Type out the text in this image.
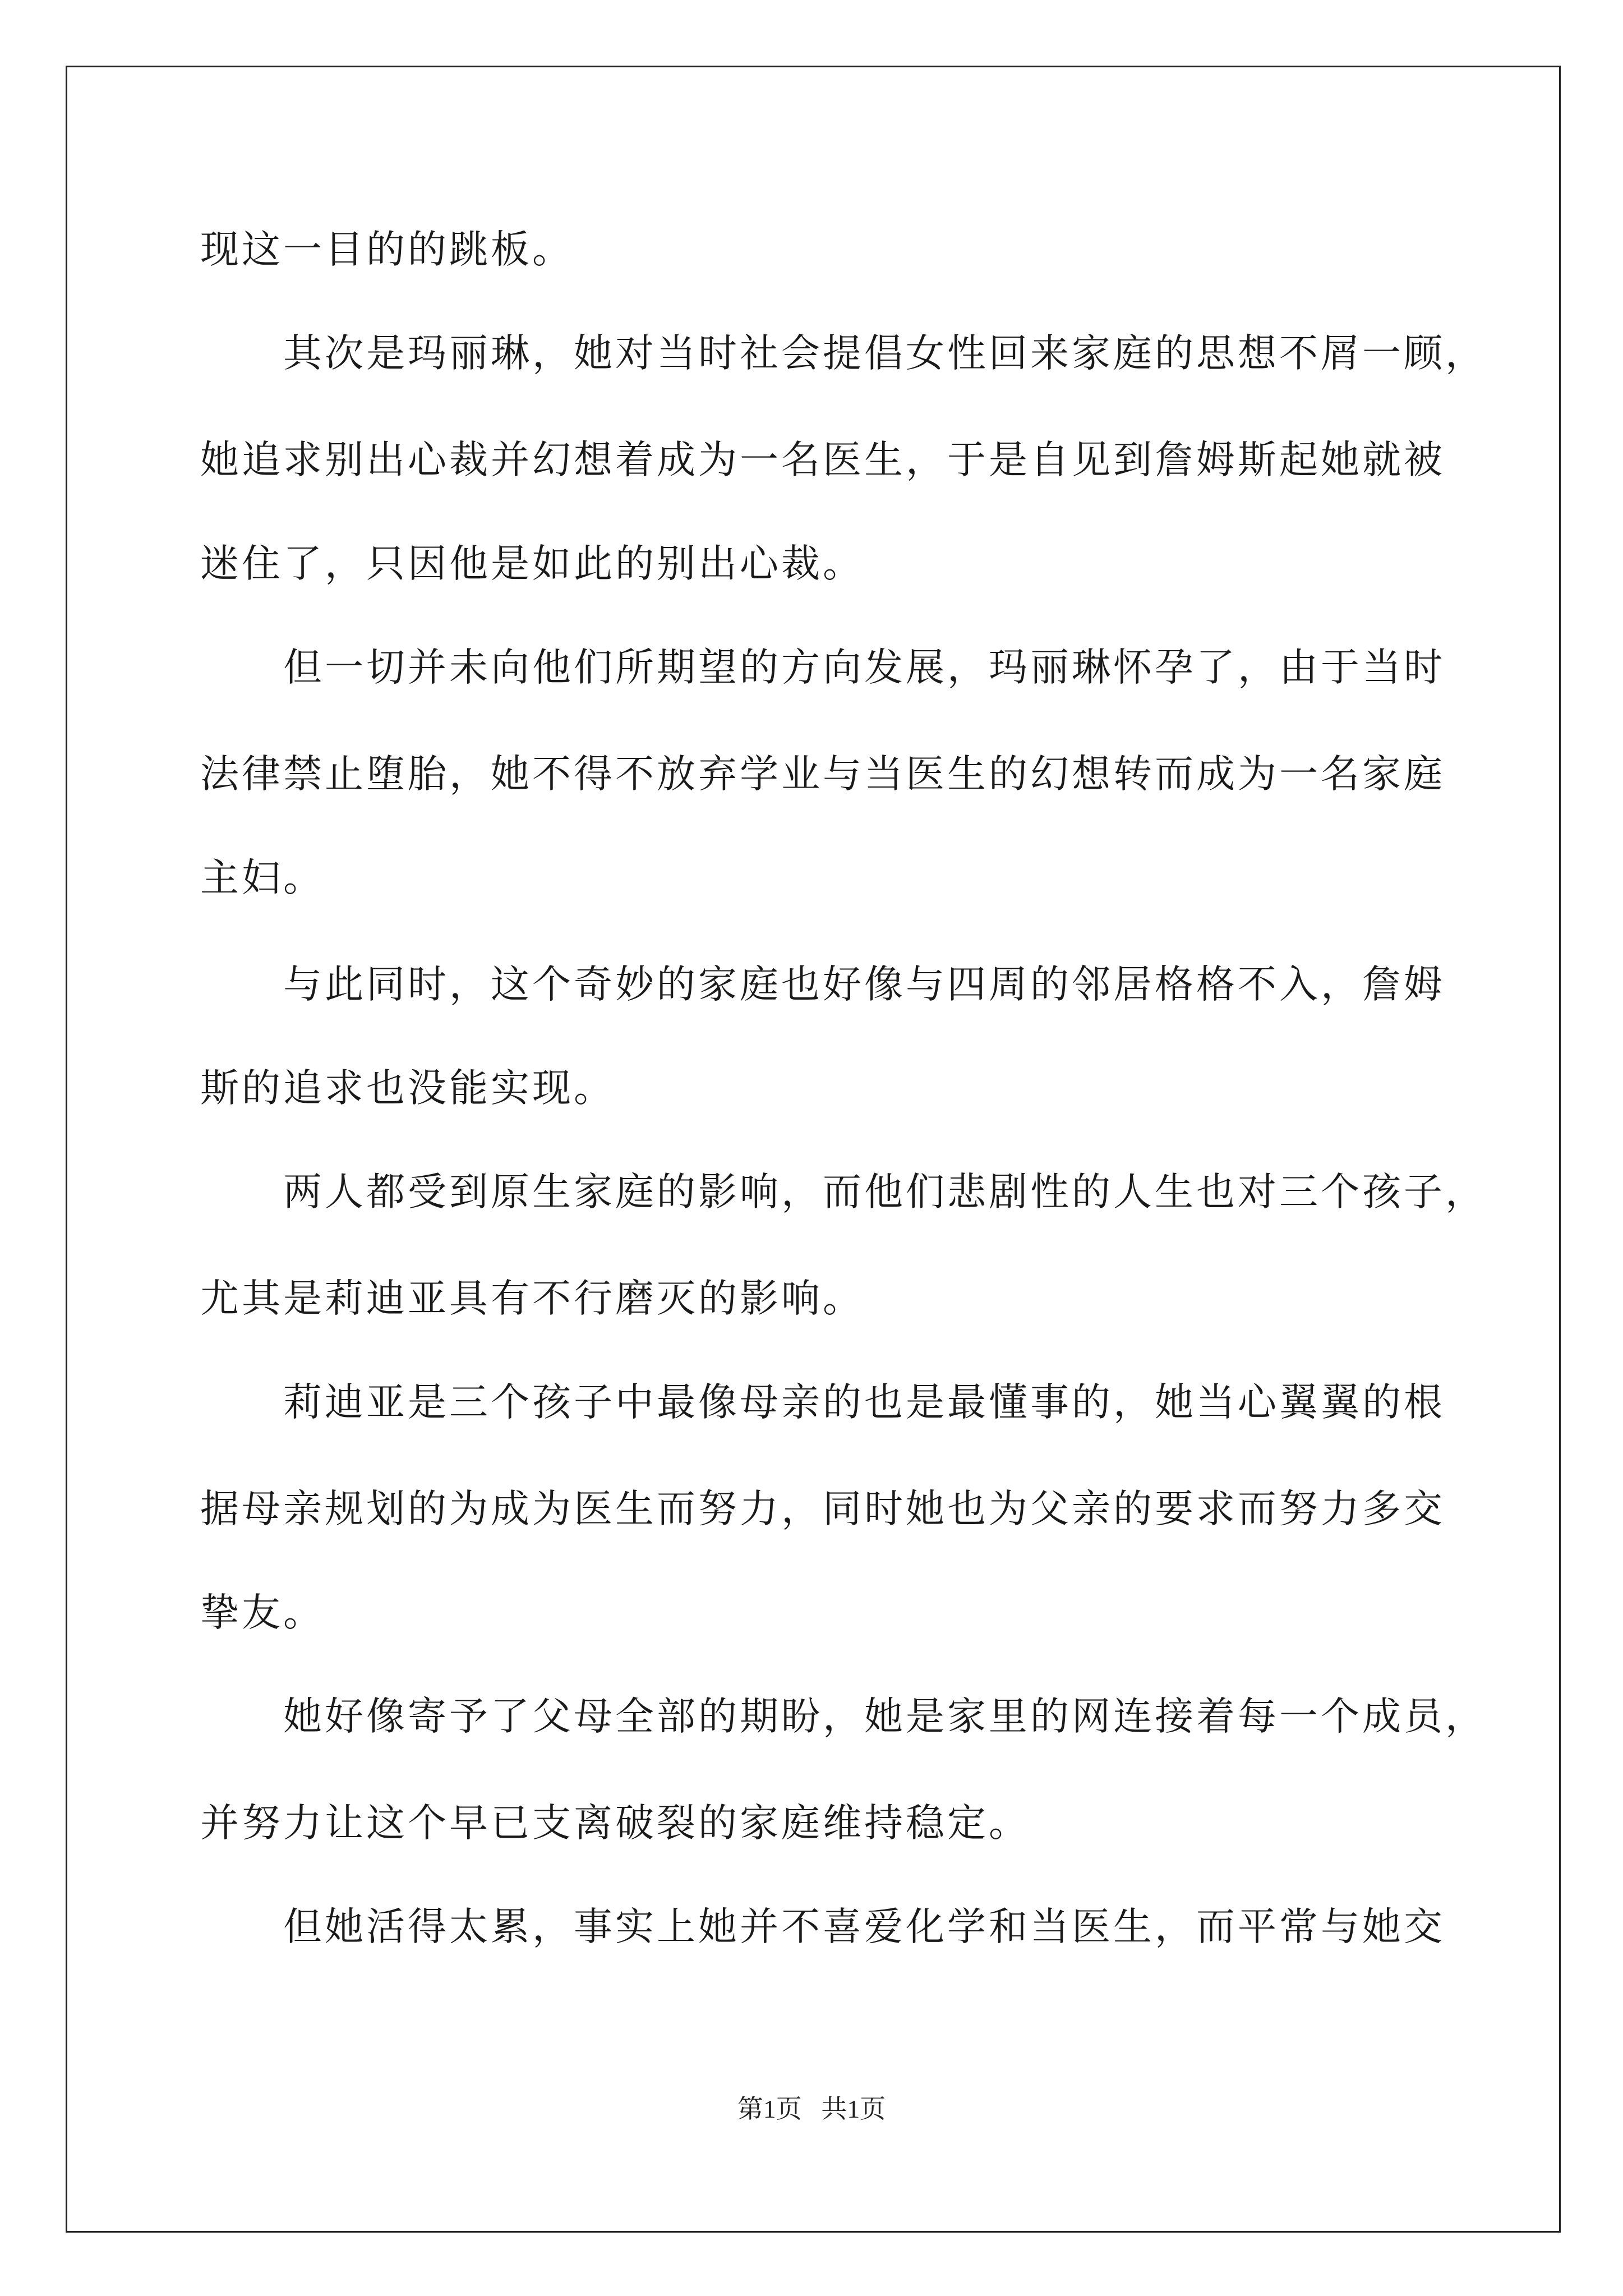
现这一目的的跳板。
其次是玛丽琳，她对当时社会提倡女性回来家庭的思想不屑一顾，
她追求别出心裁并幻想着成为一名医生，于是自见到詹姆斯起她就被
迷住了，只因他是如此的别出心裁。
但一切并未向他们所期望的方向发展，玛丽琳怀孕了，由于当时
法律禁止堕胎，她不得不放弃学业与当医生的幻想转而成为一名家庭
主妇。
与此同时，这个奇妙的家庭也好像与四周的邻居格格不入，詹姆
斯的追求也没能实现。
两人都受到原生家庭的影响，而他们悲剧性的人生也对三个孩子，
尤其是莉迪亚具有不行磨灭的影响。
莉迪亚是三个孩子中最像母亲的也是最懂事的，她当心翼翼的根
据母亲规划的为成为医生而努力，同时她也为父亲的要求而努力多交
挚友。
她好像寄予了父母全部的期盼，她是家里的网连接着每一个成员，
并努力让这个早已支离破裂的家庭维持稳定。
但她活得太累，事实上她并不喜爱化学和当医生，而平常与她交
第1页 共1页
